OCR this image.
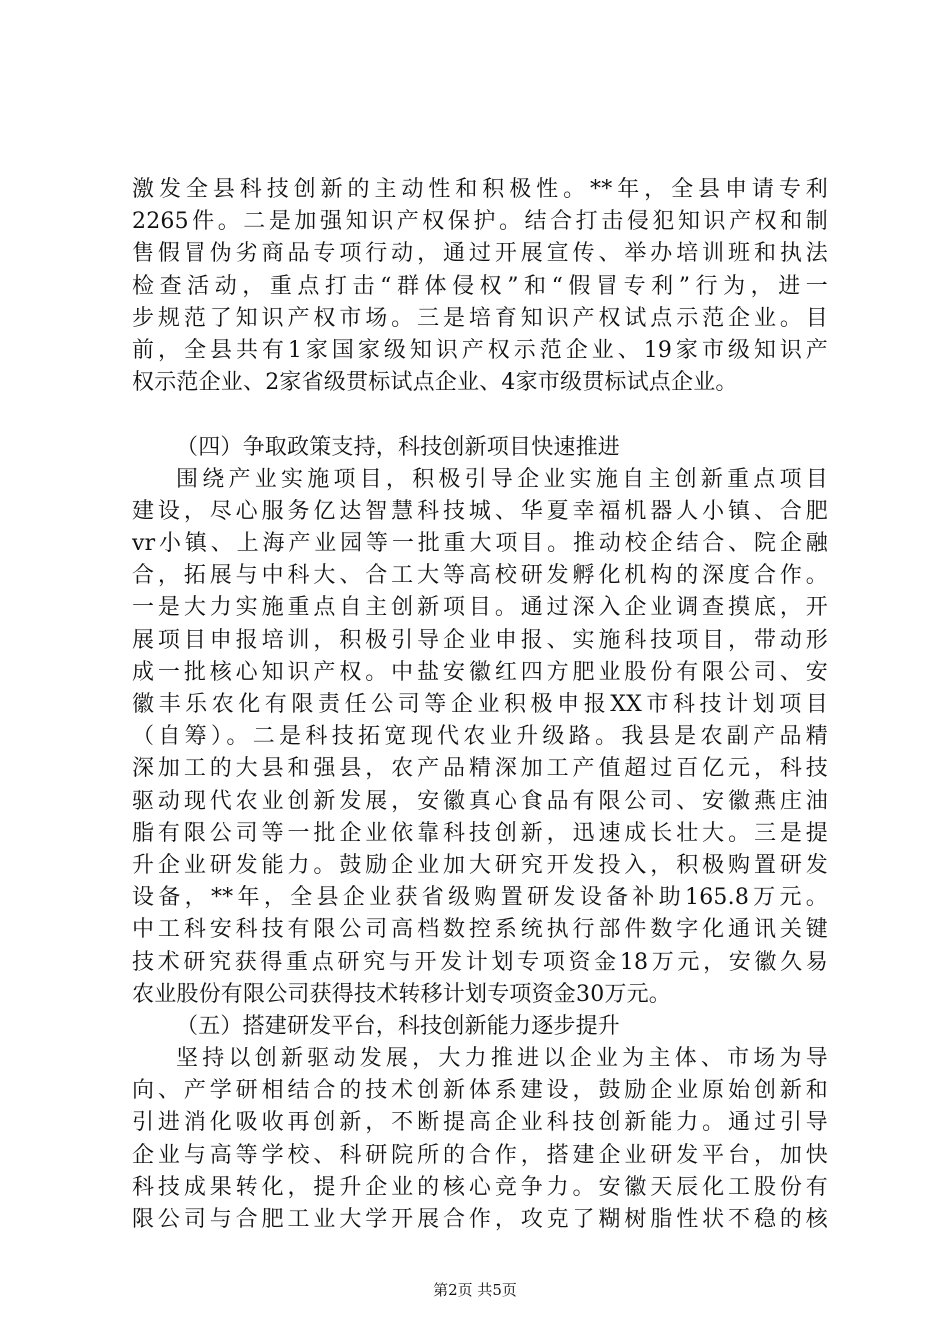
激发全县科技创新的主动性和积极性。**年，全县申请专利
2265件。二是加强知识产权保护。结合打击侵犯知识产权和制
售假冒伪劣商品专项行动，通过开展宣传、举办培训班和执法
检查活动，重点打击“群体侵权”和“假冒专利”行为，进一
步规范了知识产权市场。三是培育知识产权试点示范企业。目
前，全县共有1家国家级知识产权示范企业、19家市级知识产
权示范企业、2家省级贯标试点企业、4家市级贯标试点企业。
（四）争取政策支持，科技创新项目快速推进
围绕产业实施项目，积极引导企业实施自主创新重点项目
建设，尽心服务亿达智慧科技城、华夏幸福机器人小镇、合肥
vr小镇、上海产业园等一批重大项目。推动校企结合、院企融
合，拓展与中科大、合工大等高校研发孵化机构的深度合作。
一是大力实施重点自主创新项目。通过深入企业调查摸底，开
展项目申报培训，积极引导企业申报、实施科技项目，带动形
成一批核心知识产权。中盐安徽红四方肥业股份有限公司、安
徽丰乐农化有限责任公司等企业积极申报XX市科技计划项目
（自筹）。二是科技拓宽现代农业升级路。我县是农副产品精
深加工的大县和强县，农产品精深加工产值超过百亿元，科技
驱动现代农业创新发展，安徽真心食品有限公司、安徽燕庄油
脂有限公司等一批企业依靠科技创新，迅速成长壮大。三是提
升企业研发能力。鼓励企业加大研究开发投入，积极购置研发
设备，**年，全县企业获省级购置研发设备补助165.8万元。
中工科安科技有限公司高档数控系统执行部件数字化通讯关键
技术研究获得重点研究与开发计划专项资金18万元，安徽久易
农业股份有限公司获得技术转移计划专项资金30万元。
（五）搭建研发平台，科技创新能力逐步提升
坚持以创新驱动发展，大力推进以企业为主体、市场为导
向、产学研相结合的技术创新体系建设，鼓励企业原始创新和
引进消化吸收再创新，不断提高企业科技创新能力。通过引导
企业与高等学校、科研院所的合作，搭建企业研发平台，加快
科技成果转化，提升企业的核心竞争力。安徽天辰化工股份有
限公司与合肥工业大学开展合作，攻克了糊树脂性状不稳的核
第2页 共5页
